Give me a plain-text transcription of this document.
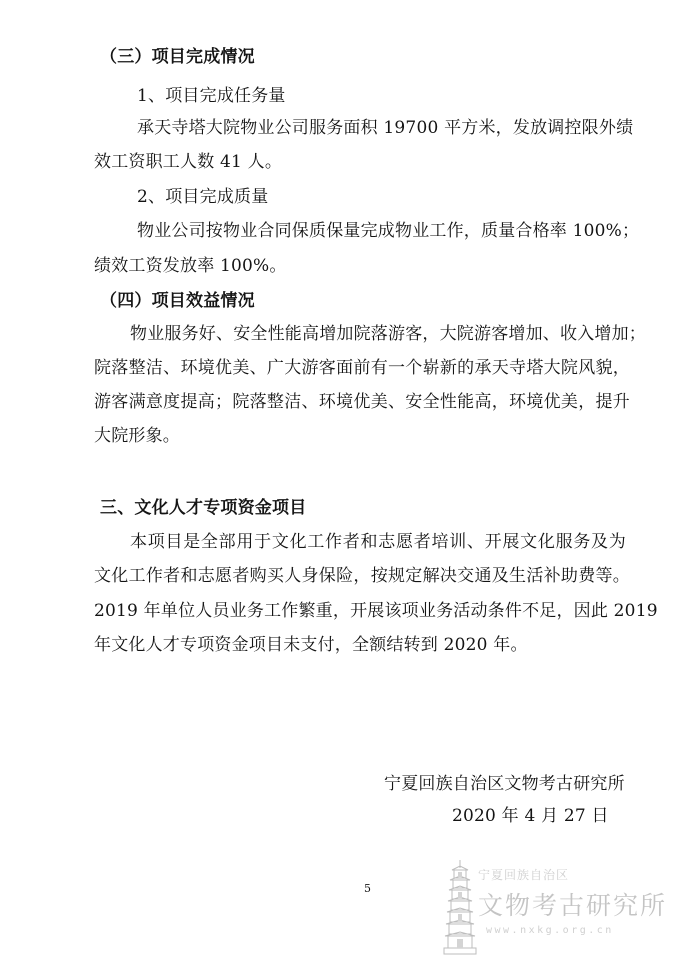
（三）项目完成情况
1、项目完成任务量
承天寺塔大院物业公司服务面积 19700 平方米，发放调控限外绩
效工资职工人数 41 人。
2、项目完成质量
物业公司按物业合同保质保量完成物业工作，质量合格率 100%；
绩效工资发放率 100%。
（四）项目效益情况
物业服务好、安全性能高增加院落游客，大院游客增加、收入增加；
院落整洁、环境优美、广大游客面前有一个崭新的承天寺塔大院风貌，
游客满意度提高；院落整洁、环境优美、安全性能高，环境优美，提升
大院形象。
三、文化人才专项资金项目
本项目是全部用于文化工作者和志愿者培训、开展文化服务及为
文化工作者和志愿者购买人身保险，按规定解决交通及生活补助费等。
2019 年单位人员业务工作繁重，开展该项业务活动条件不足，因此 2019
年文化人才专项资金项目未支付，全额结转到 2020 年。
宁夏回族自治区文物考古研究所
2020 年 4 月 27 日
5
宁夏回族自治区
文物考古研究所
www.nxkg.org.cn
